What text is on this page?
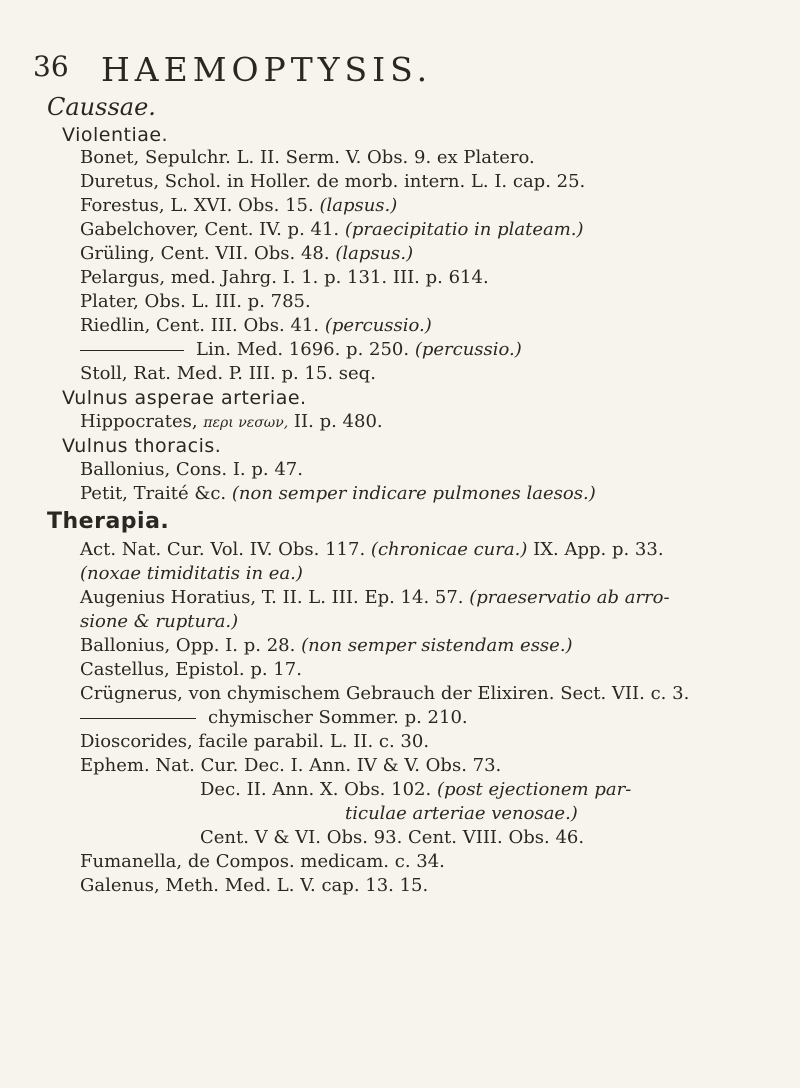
36 HAEMOPTYSIS.
Caussae.
Violentiae.
Bonet, Sepulchr. L. II. Serm. V. Obs. 9. ex Platero.
Duretus, Schol. in Holler. de morb. intern. L. I. cap. 25.
Forestus, L. XVI. Obs. 15. (lapsus.)
Gabelchover, Cent. IV. p. 41. (praecipitatio in plateam.)
Grüling, Cent. VII. Obs. 48. (lapsus.)
Pelargus, med. Jahrg. I. 1. p. 131. III. p. 614.
Plater, Obs. L. III. p. 785.
Riedlin, Cent. III. Obs. 41. (percussio.)
Lin. Med. 1696. p. 250. (percussio.)
Stoll, Rat. Med. P. III. p. 15. seq.
Vulnus asperae arteriae.
Hippocrates, περι νεσων, II. p. 480.
Vulnus thoracis.
Ballonius, Cons. I. p. 47.
Petit, Traité &c. (non semper indicare pulmones laesos.)
Therapia.
Act. Nat. Cur. Vol. IV. Obs. 117. (chronicae cura.) IX. App. p. 33.
(noxae timiditatis in ea.)
Augenius Horatius, T. II. L. III. Ep. 14. 57. (praeservatio ab arro-
sione & ruptura.)
Ballonius, Opp. I. p. 28. (non semper sistendam esse.)
Castellus, Epistol. p. 17.
Crügnerus, von chymischem Gebrauch der Elixiren. Sect. VII. c. 3.
chymischer Sommer. p. 210.
Dioscorides, facile parabil. L. II. c. 30.
Ephem. Nat. Cur. Dec. I. Ann. IV & V. Obs. 73.
Dec. II. Ann. X. Obs. 102. (post ejectionem par-
ticulae arteriae venosae.)
Cent. V & VI. Obs. 93. Cent. VIII. Obs. 46.
Fumanella, de Compos. medicam. c. 34.
Galenus, Meth. Med. L. V. cap. 13. 15.
